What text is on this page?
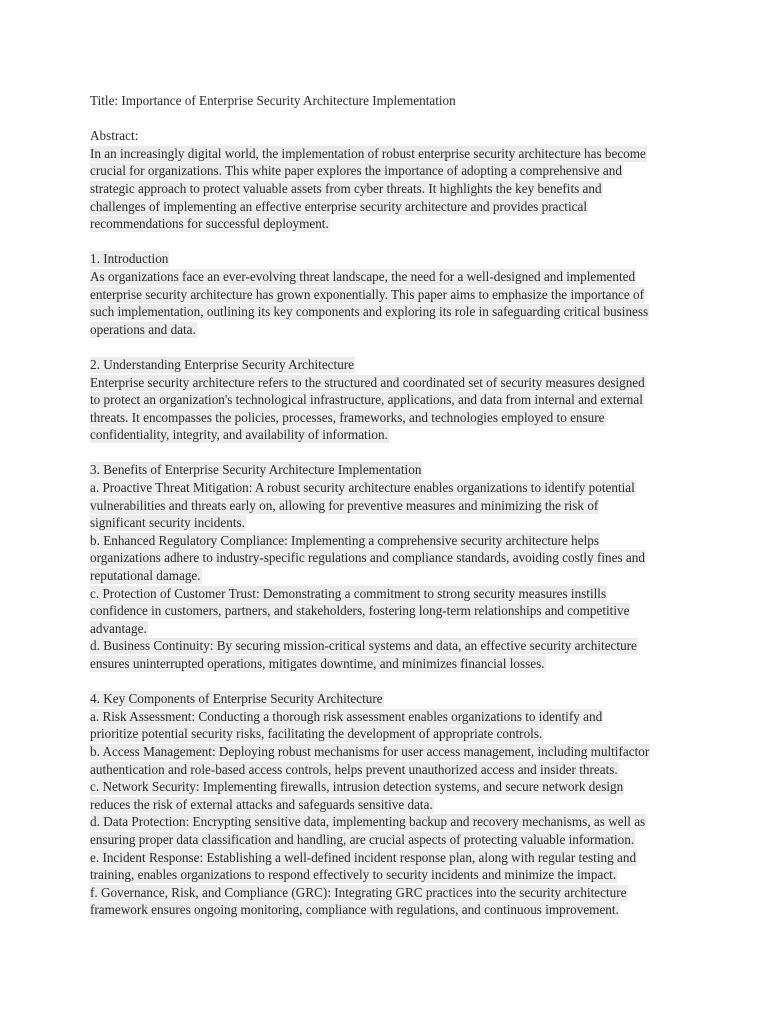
Title: Importance of Enterprise Security Architecture Implementation
Abstract:
In an increasingly digital world, the implementation of robust enterprise security architecture has become
crucial for organizations. This white paper explores the importance of adopting a comprehensive and
strategic approach to protect valuable assets from cyber threats. It highlights the key benefits and
challenges of implementing an effective enterprise security architecture and provides practical
recommendations for successful deployment.
1. Introduction
As organizations face an ever-evolving threat landscape, the need for a well-designed and implemented
enterprise security architecture has grown exponentially. This paper aims to emphasize the importance of
such implementation, outlining its key components and exploring its role in safeguarding critical business
operations and data.
2. Understanding Enterprise Security Architecture
Enterprise security architecture refers to the structured and coordinated set of security measures designed
to protect an organization's technological infrastructure, applications, and data from internal and external
threats. It encompasses the policies, processes, frameworks, and technologies employed to ensure
confidentiality, integrity, and availability of information.
3. Benefits of Enterprise Security Architecture Implementation
a. Proactive Threat Mitigation: A robust security architecture enables organizations to identify potential
vulnerabilities and threats early on, allowing for preventive measures and minimizing the risk of
significant security incidents.
b. Enhanced Regulatory Compliance: Implementing a comprehensive security architecture helps
organizations adhere to industry-specific regulations and compliance standards, avoiding costly fines and
reputational damage.
c. Protection of Customer Trust: Demonstrating a commitment to strong security measures instills
confidence in customers, partners, and stakeholders, fostering long-term relationships and competitive
advantage.
d. Business Continuity: By securing mission-critical systems and data, an effective security architecture
ensures uninterrupted operations, mitigates downtime, and minimizes financial losses.
4. Key Components of Enterprise Security Architecture
a. Risk Assessment: Conducting a thorough risk assessment enables organizations to identify and
prioritize potential security risks, facilitating the development of appropriate controls.
b. Access Management: Deploying robust mechanisms for user access management, including multifactor
authentication and role-based access controls, helps prevent unauthorized access and insider threats.
c. Network Security: Implementing firewalls, intrusion detection systems, and secure network design
reduces the risk of external attacks and safeguards sensitive data.
d. Data Protection: Encrypting sensitive data, implementing backup and recovery mechanisms, as well as
ensuring proper data classification and handling, are crucial aspects of protecting valuable information.
e. Incident Response: Establishing a well-defined incident response plan, along with regular testing and
training, enables organizations to respond effectively to security incidents and minimize the impact.
f. Governance, Risk, and Compliance (GRC): Integrating GRC practices into the security architecture
framework ensures ongoing monitoring, compliance with regulations, and continuous improvement.
